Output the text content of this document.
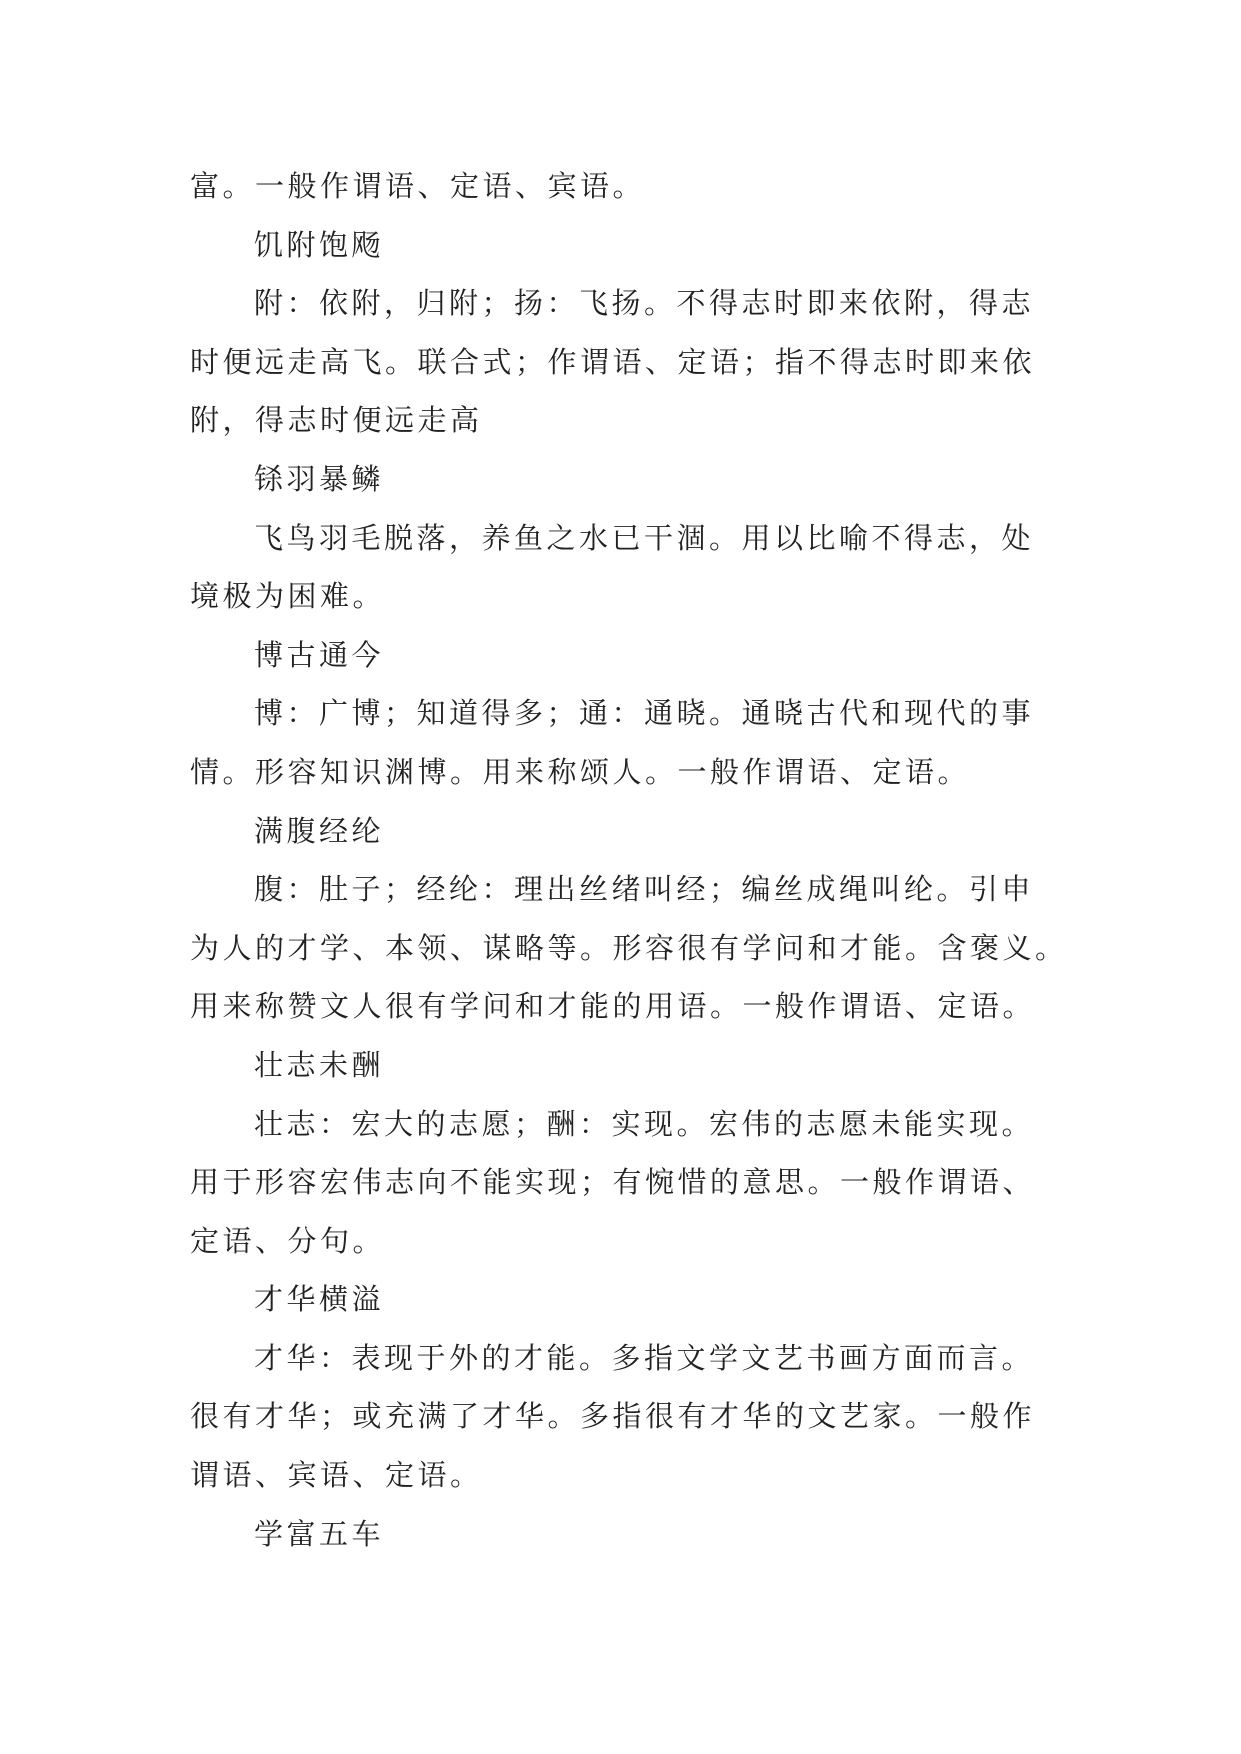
富。一般作谓语、定语、宾语。
饥附饱飏
附：依附，归附；扬：飞扬。不得志时即来依附，得志
时便远走高飞。联合式；作谓语、定语；指不得志时即来依
附，得志时便远走高
铩羽暴鳞
飞鸟羽毛脱落，养鱼之水已干涸。用以比喻不得志，处
境极为困难。
博古通今
博：广博；知道得多；通：通晓。通晓古代和现代的事
情。形容知识渊博。用来称颂人。一般作谓语、定语。
满腹经纶
腹：肚子；经纶：理出丝绪叫经；编丝成绳叫纶。引申
为人的才学、本领、谋略等。形容很有学问和才能。含褒义。
用来称赞文人很有学问和才能的用语。一般作谓语、定语。
壮志未酬
壮志：宏大的志愿；酬：实现。宏伟的志愿未能实现。
用于形容宏伟志向不能实现；有惋惜的意思。一般作谓语、
定语、分句。
才华横溢
才华：表现于外的才能。多指文学文艺书画方面而言。
很有才华；或充满了才华。多指很有才华的文艺家。一般作
谓语、宾语、定语。
学富五车
